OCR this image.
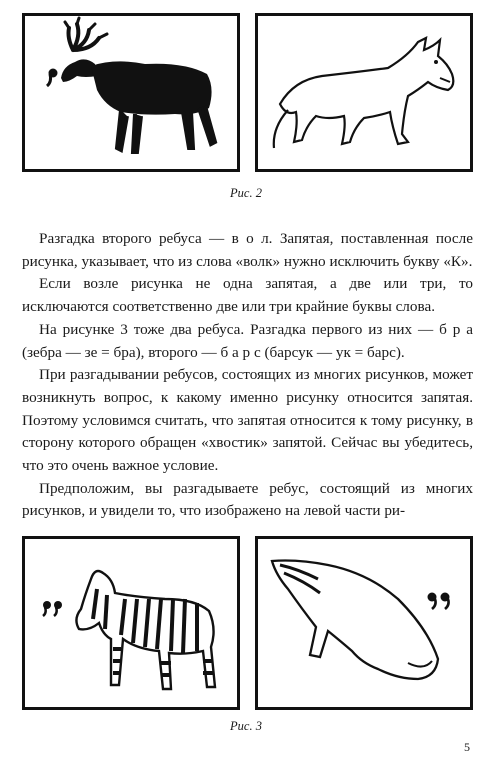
Рис. 2

Разгадка второго ребуса — в о л. Запятая, поставленная после рисунка, указывает, что из слова «волк» нужно исключить букву «К».

Если возле рисунка не одна запятая, а две или три, то исключаются соответственно две или три крайние буквы слова.

На рисунке 3 тоже два ребуса. Разгадка первого из них — б р а (зебра — зе = бра), второго — б а р с (барсук — ук = барс).

При разгадывании ребусов, состоящих из многих рисунков, может возникнуть вопрос, к какому именно рисунку относится запятая. Поэтому условимся считать, что запятая относится к тому рисунку, в сторону которого обращен «хвостик» запятой. Сейчас вы убедитесь, что это очень важное условие.

Предположим, вы разгадываете ребус, состоящий из многих рисунков, и увидели то, что изображено на левой части ри-

Рис. 3
5
